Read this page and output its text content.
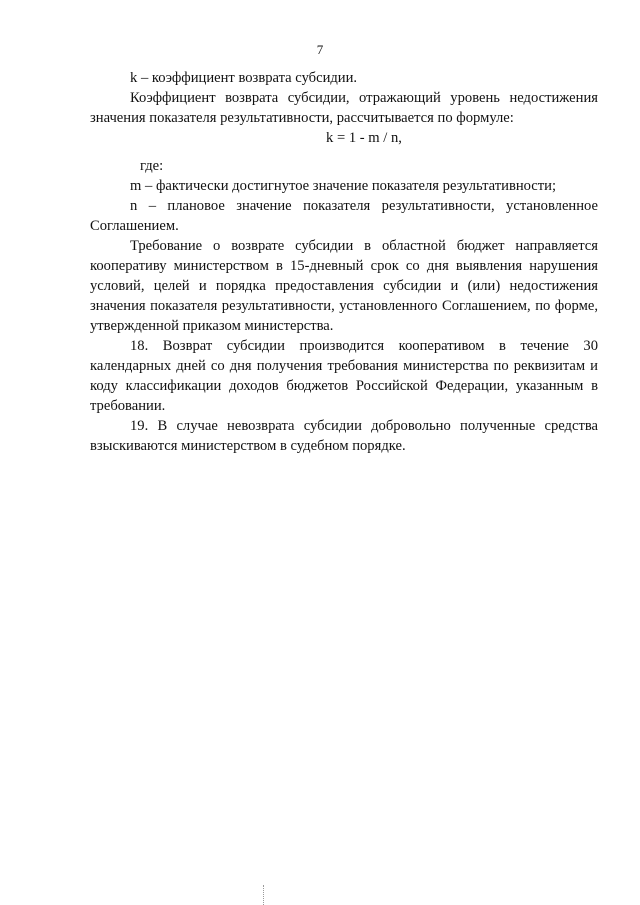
7

k – коэффициент возврата субсидии.

Коэффициент возврата субсидии, отражающий уровень недостижения значения показателя результативности, рассчитывается по формуле:

k = 1 - m / n,

где:

m – фактически достигнутое значение показателя результативности;

n – плановое значение показателя результативности, установленное Соглашением.

Требование о возврате субсидии в областной бюджет направляется кооперативу министерством в 15-дневный срок со дня выявления нарушения условий, целей и порядка предоставления субсидии и (или) недостижения значения показателя результативности, установленного Соглашением, по форме, утвержденной приказом министерства.

18. Возврат субсидии производится кооперативом в течение 30 календарных дней со дня получения требования министерства по реквизитам и коду классификации доходов бюджетов Российской Федерации, указанным в требовании.

19. В случае невозврата субсидии добровольно полученные средства взыскиваются министерством в судебном порядке.
